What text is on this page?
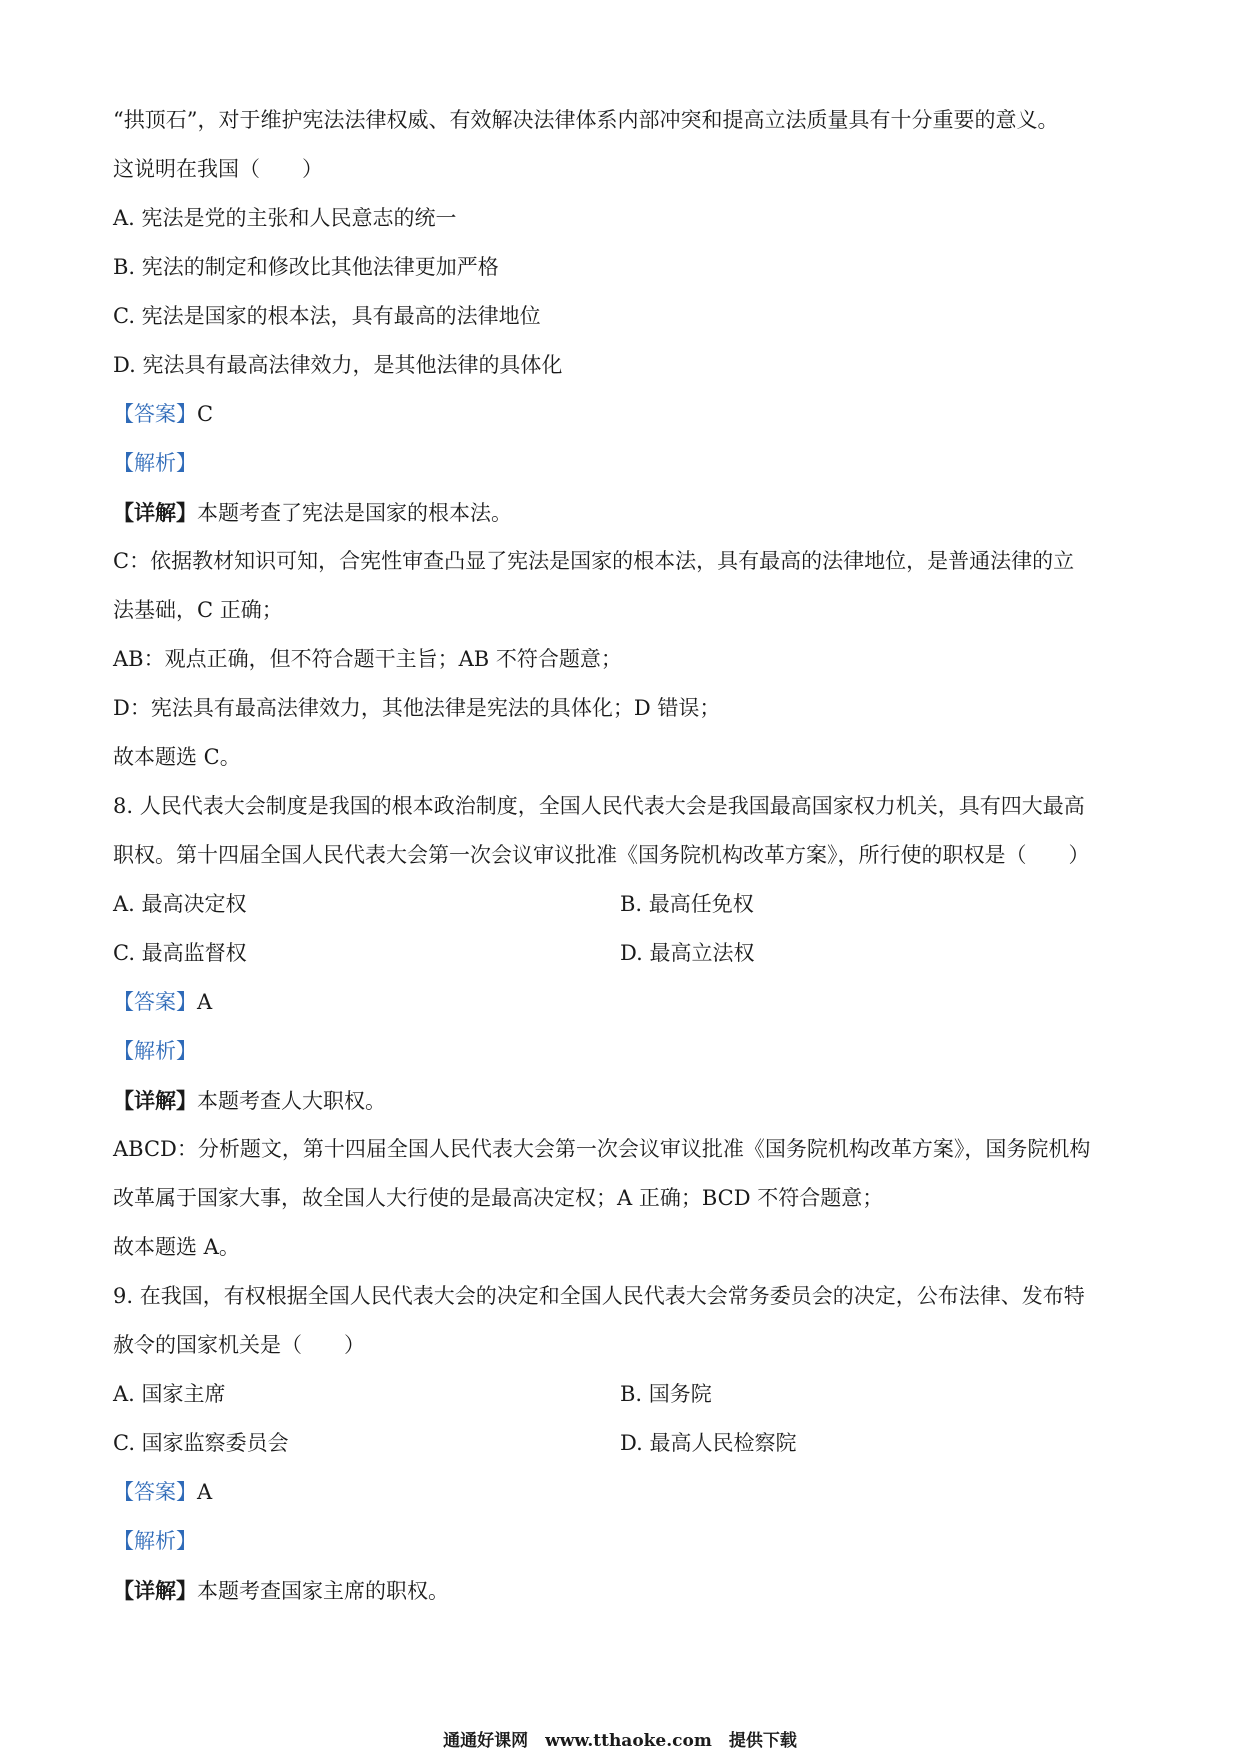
“拱顶石”，对于维护宪法法律权威、有效解决法律体系内部冲突和提高立法质量具有十分重要的意义。
这说明在我国（　　）
A. 宪法是党的主张和人民意志的统一
B. 宪法的制定和修改比其他法律更加严格
C. 宪法是国家的根本法，具有最高的法律地位
D. 宪法具有最高法律效力，是其他法律的具体化
【答案】C
【解析】
【详解】本题考查了宪法是国家的根本法。
C：依据教材知识可知，合宪性审查凸显了宪法是国家的根本法，具有最高的法律地位，是普通法律的立
法基础，C 正确；
AB：观点正确，但不符合题干主旨；AB 不符合题意；
D：宪法具有最高法律效力，其他法律是宪法的具体化；D 错误；
故本题选 C。
8. 人民代表大会制度是我国的根本政治制度，全国人民代表大会是我国最高国家权力机关，具有四大最高
职权。第十四届全国人民代表大会第一次会议审议批准《国务院机构改革方案》，所行使的职权是（　　）
A. 最高决定权	B. 最高任免权
C. 最高监督权	D. 最高立法权
【答案】A
【解析】
【详解】本题考查人大职权。
ABCD：分析题文，第十四届全国人民代表大会第一次会议审议批准《国务院机构改革方案》，国务院机构
改革属于国家大事，故全国人大行使的是最高决定权；A 正确；BCD 不符合题意；
故本题选 A。
9. 在我国，有权根据全国人民代表大会的决定和全国人民代表大会常务委员会的决定，公布法律、发布特
赦令的国家机关是（　　）
A. 国家主席	B. 国务院
C. 国家监察委员会	D. 最高人民检察院
【答案】A
【解析】
【详解】本题考查国家主席的职权。
通通好课网　www.tthaoke.com　提供下载
